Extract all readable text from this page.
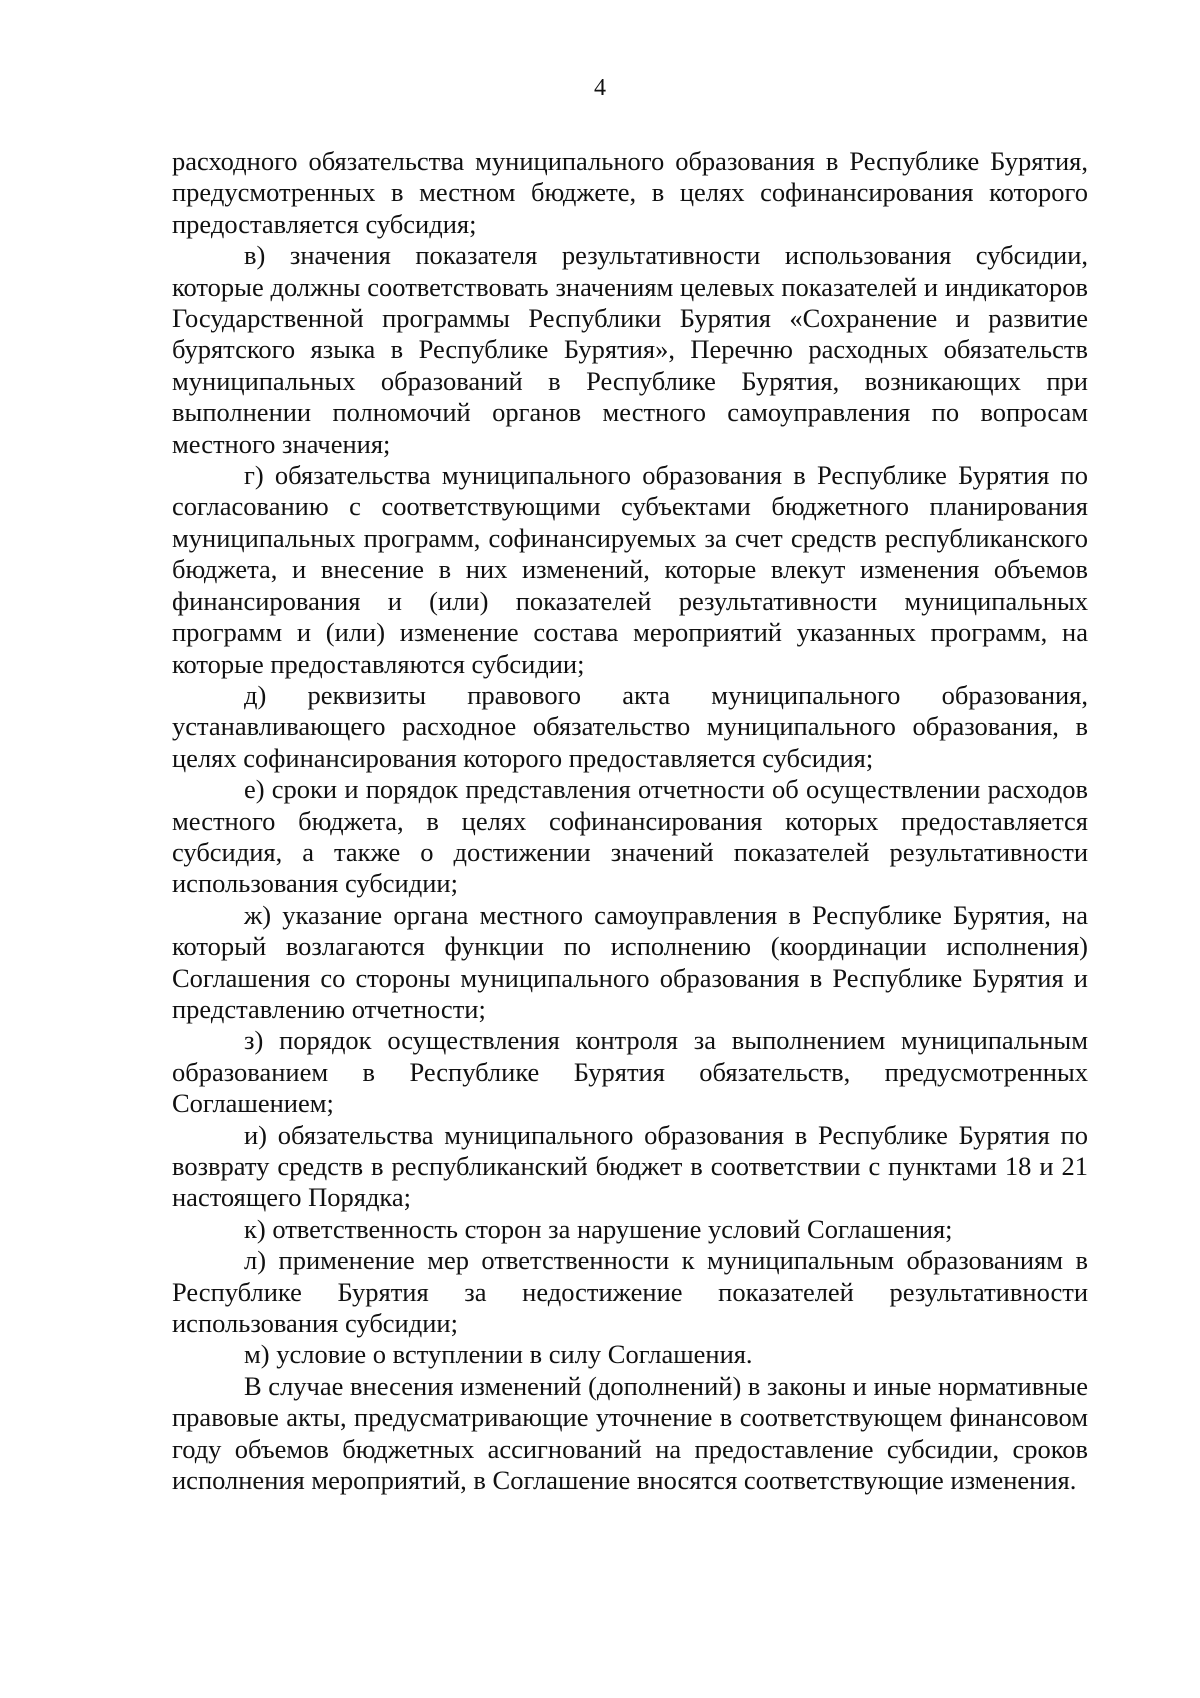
4

расходного обязательства муниципального образования в Республике Бурятия, предусмотренных в местном бюджете, в целях софинансирования которого предоставляется субсидия;

в) значения показателя результативности использования субсидии, которые должны соответствовать значениям целевых показателей и индикаторов Государственной программы Республики Бурятия «Сохранение и развитие бурятского языка в Республике Бурятия», Перечню расходных обязательств муниципальных образований в Республике Бурятия, возникающих при выполнении полномочий органов местного самоуправления по вопросам местного значения;

г) обязательства муниципального образования в Республике Бурятия по согласованию с соответствующими субъектами бюджетного планирования муниципальных программ, софинансируемых за счет средств республиканского бюджета, и внесение в них изменений, которые влекут изменения объемов финансирования и (или) показателей результативности муниципальных программ и (или) изменение состава мероприятий указанных программ, на которые предоставляются субсидии;

д) реквизиты правового акта муниципального образования, устанавливающего расходное обязательство муниципального образования, в целях софинансирования которого предоставляется субсидия;

е) сроки и порядок представления отчетности об осуществлении расходов местного бюджета, в целях софинансирования которых предоставляется субсидия, а также о достижении значений показателей результативности использования субсидии;

ж) указание органа местного самоуправления в Республике Бурятия, на который возлагаются функции по исполнению (координации исполнения) Соглашения со стороны муниципального образования в Республике Бурятия и представлению отчетности;

з) порядок осуществления контроля за выполнением муниципальным образованием в Республике Бурятия обязательств, предусмотренных Соглашением;

и) обязательства муниципального образования в Республике Бурятия по возврату средств в республиканский бюджет в соответствии с пунктами 18 и 21 настоящего Порядка;

к) ответственность сторон за нарушение условий Соглашения;

л) применение мер ответственности к муниципальным образованиям в Республике Бурятия за недостижение показателей результативности использования субсидии;

м) условие о вступлении в силу Соглашения.

В случае внесения изменений (дополнений) в законы и иные нормативные правовые акты, предусматривающие уточнение в соответствующем финансовом году объемов бюджетных ассигнований на предоставление субсидии, сроков исполнения мероприятий, в Соглашение вносятся соответствующие изменения.
